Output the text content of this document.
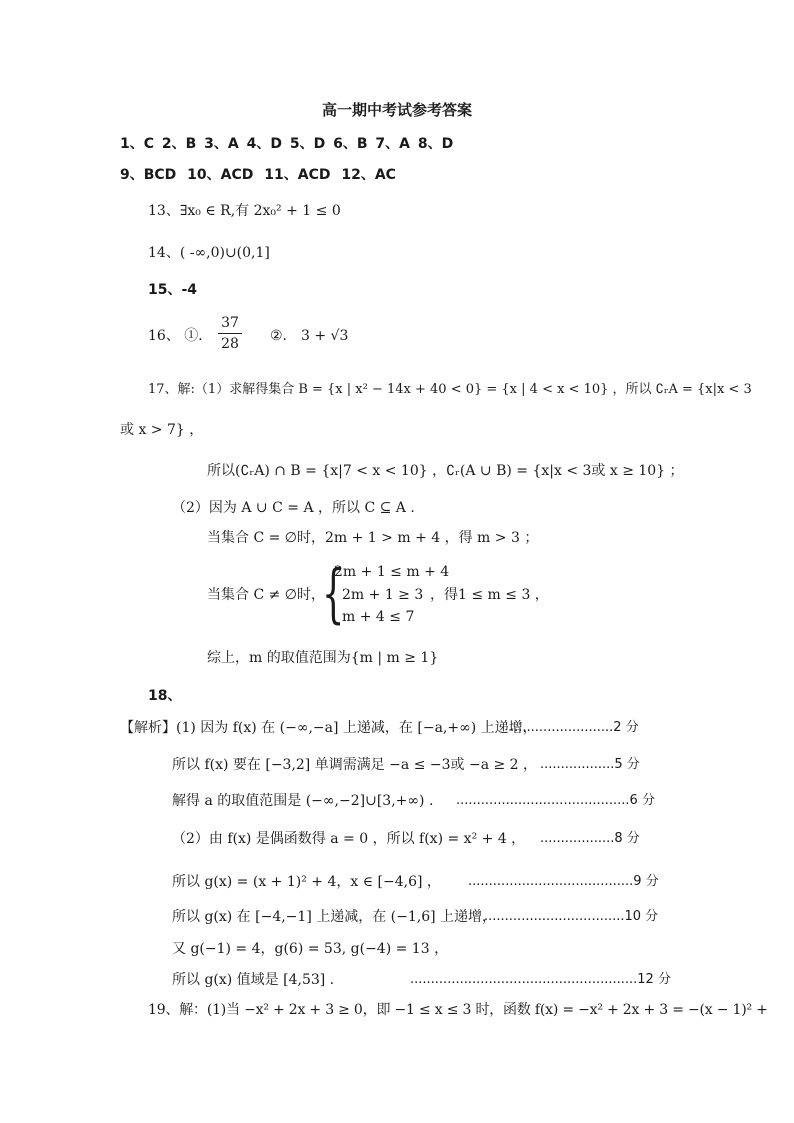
高一期中考试参考答案
1、C 2、B 3、A 4、D 5、D 6、B 7、A 8、D
9、BCD 10、ACD 11、ACD 12、AC
13、∃x₀ ∈ R,有 2x₀² + 1 ≤ 0
14、( -∞,0)∪(0,1]
15、-4
16、 ①．
37
28 ②． 3 + √3
17、解:（1）求解得集合 B = {x | x² − 14x + 40 < 0} = {x | 4 < x < 10} ，所以 ∁ᵣA = {x|x < 3
或 x > 7} ，
所以(∁ᵣA) ∩ B = {x|7 < x < 10} ，∁ᵣ(A ∪ B) = {x|x < 3或 x ≥ 10} ；
（2）因为 A ∪ C = A ，所以 C ⊆ A .
当集合 C = ∅时，2m + 1 > m + 4 ，得 m > 3 ；
当集合 C ≠ ∅时，
{
2m + 1 ≤ m + 4
2m + 1 ≥ 3
m + 4 ≤ 7
，得1 ≤ m ≤ 3 ，
综上，m 的取值范围为{m | m ≥ 1}
18、
【解析】(1) 因为 f(x) 在 (−∞,−a] 上递减，在 [−a,+∞) 上递增，
.........................2 分
所以 f(x) 要在 [−3,2] 单调需满足 −a ≤ −3或 −a ≥ 2 ， ..................5 分
解得 a 的取值范围是 (−∞,−2]∪[3,+∞) . ..........................................6 分
（2）由 f(x) 是偶函数得 a = 0 ，所以 f(x) = x² + 4 ， ..................8 分
所以 g(x) = (x + 1)² + 4，x ∈ [−4,6] ， ........................................9 分
所以 g(x) 在 [−4,−1] 上递减，在 (−1,6] 上递增，
..................................10 分
又 g(−1) = 4，g(6) = 53, g(−4) = 13 ，
所以 g(x) 值域是 [4,53] .	.......................................................12 分
19、解：(1)当 −x² + 2x + 3 ≥ 0，即 −1 ≤ x ≤ 3 时，函数 f(x) = −x² + 2x + 3 = −(x − 1)² +
